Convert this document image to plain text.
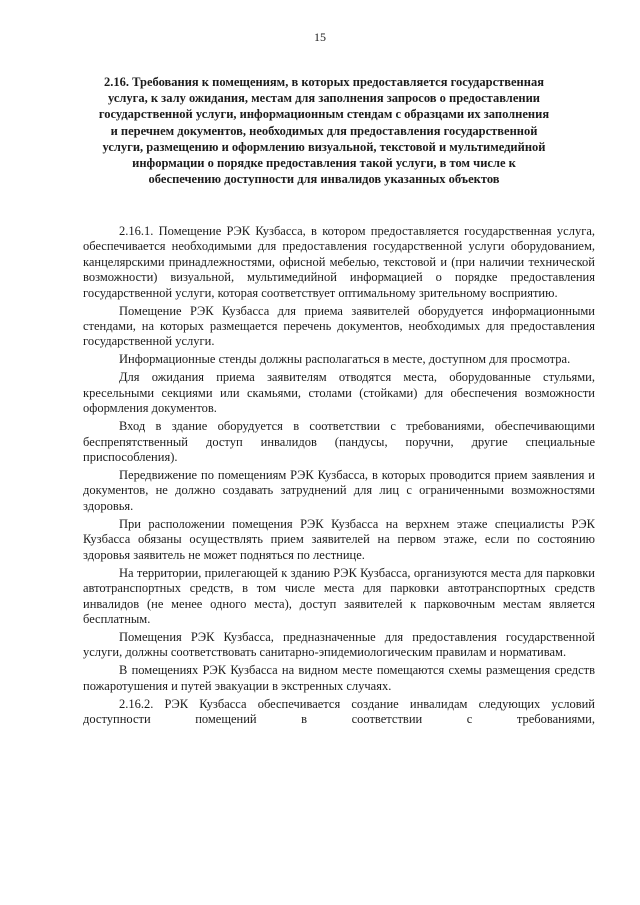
15
2.16. Требования к помещениям, в которых предоставляется государственная услуга, к залу ожидания, местам для заполнения запросов о предоставлении государственной услуги, информационным стендам с образцами их заполнения и перечнем документов, необходимых для предоставления государственной услуги, размещению и оформлению визуальной, текстовой и мультимедийной информации о порядке предоставления такой услуги, в том числе к обеспечению доступности для инвалидов указанных объектов

2.16.1. Помещение РЭК Кузбасса, в котором предоставляется государственная услуга, обеспечивается необходимыми для предоставления государственной услуги оборудованием, канцелярскими принадлежностями, офисной мебелью, текстовой и (при наличии технической возможности) визуальной, мультимедийной информацией о порядке предоставления государственной услуги, которая соответствует оптимальному зрительному восприятию.

Помещение РЭК Кузбасса для приема заявителей оборудуется информационными стендами, на которых размещается перечень документов, необходимых для предоставления государственной услуги.

Информационные стенды должны располагаться в месте, доступном для просмотра.

Для ожидания приема заявителям отводятся места, оборудованные стульями, кресельными секциями или скамьями, столами (стойками) для обеспечения возможности оформления документов.

Вход в здание оборудуется в соответствии с требованиями, обеспечивающими беспрепятственный доступ инвалидов (пандусы, поручни, другие специальные приспособления).

Передвижение по помещениям РЭК Кузбасса, в которых проводится прием заявления и документов, не должно создавать затруднений для лиц с ограниченными возможностями здоровья.

При расположении помещения РЭК Кузбасса на верхнем этаже специалисты РЭК Кузбасса обязаны осуществлять прием заявителей на первом этаже, если по состоянию здоровья заявитель не может подняться по лестнице.

На территории, прилегающей к зданию РЭК Кузбасса, организуются места для парковки автотранспортных средств, в том числе места для парковки автотранспортных средств инвалидов (не менее одного места), доступ заявителей к парковочным местам является бесплатным.

Помещения РЭК Кузбасса, предназначенные для предоставления государственной услуги, должны соответствовать санитарно-эпидемиологическим правилам и нормативам.

В помещениях РЭК Кузбасса на видном месте помещаются схемы размещения средств пожаротушения и путей эвакуации в экстренных случаях.

2.16.2. РЭК Кузбасса обеспечивается создание инвалидам следующих условий доступности помещений в соответствии с требованиями,
